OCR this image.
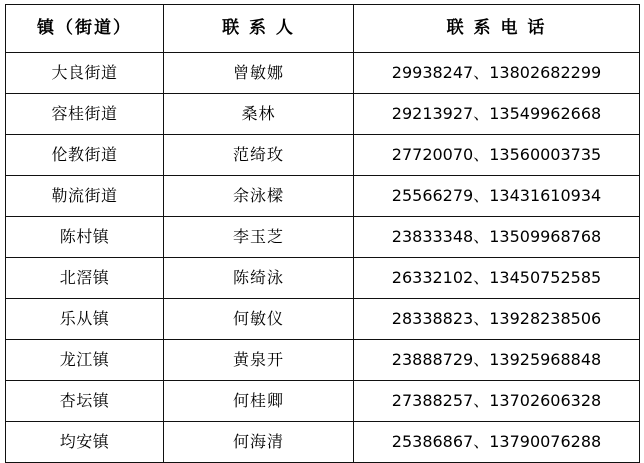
镇（街道）	联 系 人	联 系 电 话
大良街道	曾敏娜	29938247、13802682299
容桂街道	桑林	29213927、13549962668
伦教街道	范绮玫	27720070、13560003735
勒流街道	余泳樑	25566279、13431610934
陈村镇	李玉芝	23833348、13509968768
北滘镇	陈绮泳	26332102、13450752585
乐从镇	何敏仪	28338823、13928238506
龙江镇	黄泉开	23888729、13925968848
杏坛镇	何桂卿	27388257、13702606328
均安镇	何海清	25386867、13790076288
